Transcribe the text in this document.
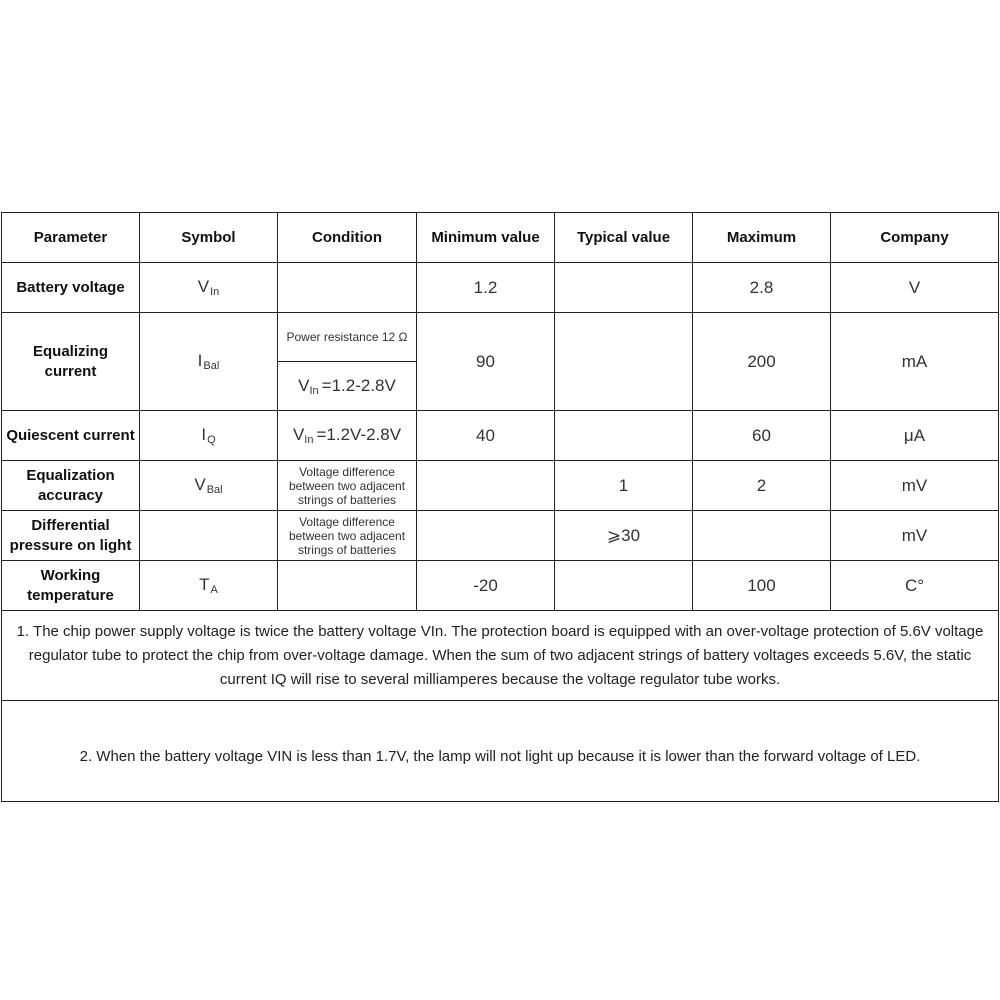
Parameter	Symbol	Condition	Minimum value	Typical value	Maximum	Company
Battery voltage	$V_{In}$		1.2		2.8	V
Equalizing current	$I_{Bal}$	Power resistance 12 Ω	90		200	mA
		$V_{In} =1.2-2.8V$				
Quiescent current	$I_Q$	$V_{In} =1.2V-2.8V$	40		60	μA
Equalization accuracy	$V_{Bal}$	Voltage difference between two adjacent strings of batteries		1	2	mV
Differential pressure on light		Voltage difference between two adjacent strings of batteries		⩾30		mV
Working temperature	$T_A$		-20		100	C°
1. The chip power supply voltage is twice the battery voltage VIn. The protection board is equipped with an over-voltage protection of 5.6V voltage regulator tube to protect the chip from over-voltage damage. When the sum of two adjacent strings of battery voltages exceeds 5.6V, the static current IQ will rise to several milliamperes because the voltage regulator tube works.						
2. When the battery voltage VIN is less than 1.7V, the lamp will not light up because it is lower than the forward voltage of LED.						
